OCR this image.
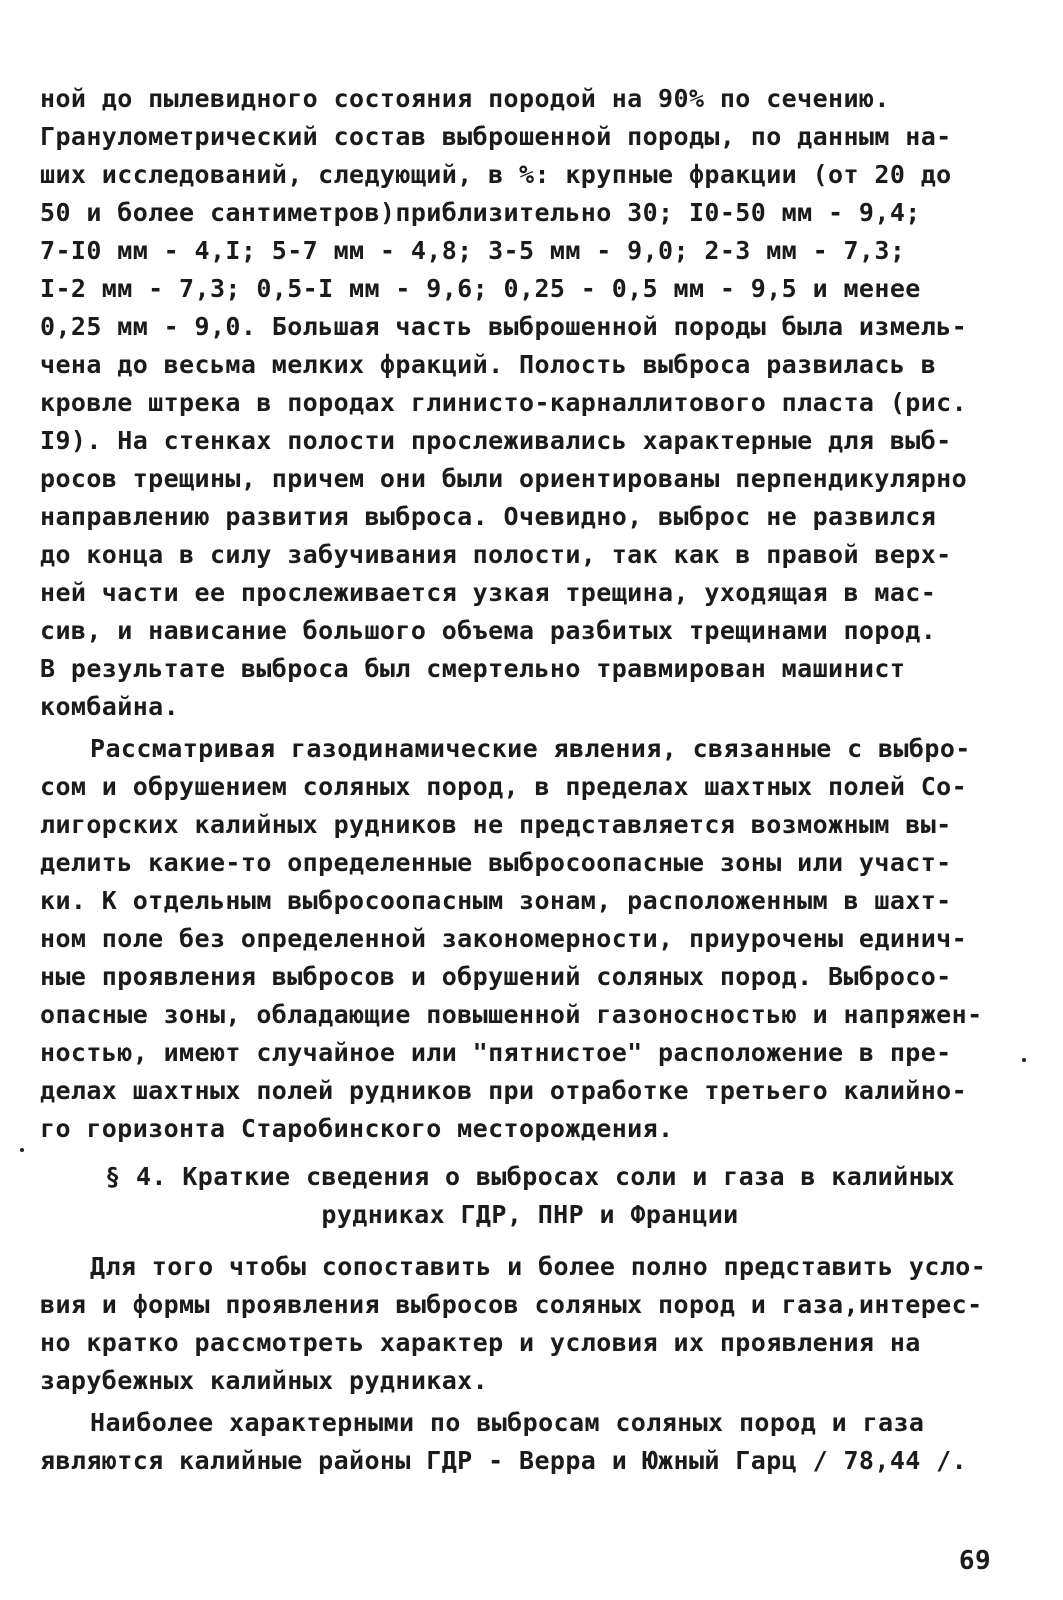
ной до пылевидного состояния породой на 90% по сечению.
Гранулометрический состав выброшенной породы, по данным на-
ших исследований, следующий, в %: крупные фракции (от 20 до
50 и более сантиметров)приблизительно 30; I0-50 мм - 9,4;
7-I0 мм - 4,I; 5-7 мм - 4,8; 3-5 мм - 9,0; 2-3 мм - 7,3;
I-2 мм - 7,3; 0,5-I мм - 9,6; 0,25 - 0,5 мм - 9,5 и менее
0,25 мм - 9,0. Большая часть выброшенной породы была измель-
чена до весьма мелких фракций. Полость выброса развилась в
кровле штрека в породах глинисто-карналлитового пласта (рис.
I9). На стенках полости прослеживались характерные для выб-
росов трещины, причем они были ориентированы перпендикулярно
направлению развития выброса. Очевидно, выброс не развился
до конца в силу забучивания полости, так как в правой верх-
ней части ее прослеживается узкая трещина, уходящая в мас-
сив, и нависание большого объема разбитых трещинами пород.
В результате выброса был смертельно травмирован машинист
комбайна.
Рассматривая газодинамические явления, связанные с выбро-
сом и обрушением соляных пород, в пределах шахтных полей Со-
лигорских калийных рудников не представляется возможным вы-
делить какие-то определенные выбросоопасные зоны или участ-
ки. К отдельным выбросоопасным зонам, расположенным в шахт-
ном поле без определенной закономерности, приурочены единич-
ные проявления выбросов и обрушений соляных пород. Выбросо-
опасные зоны, обладающие повышенной газоносностью и напряжен-
ностью, имеют случайное или "пятнистое" расположение в пре-
делах шахтных полей рудников при отработке третьего калийно-
го горизонта Старобинского месторождения.
§ 4. Краткие сведения о выбросах соли и газа в калийных
рудниках ГДР, ПНР и Франции
Для того чтобы сопоставить и более полно представить усло-
вия и формы проявления выбросов соляных пород и газа,интерес-
но кратко рассмотреть характер и условия их проявления на
зарубежных калийных рудниках.
Наиболее характерными по выбросам соляных пород и газа
являются калийные районы ГДР - Верра и Южный Гарц / 78,44 /.
69
